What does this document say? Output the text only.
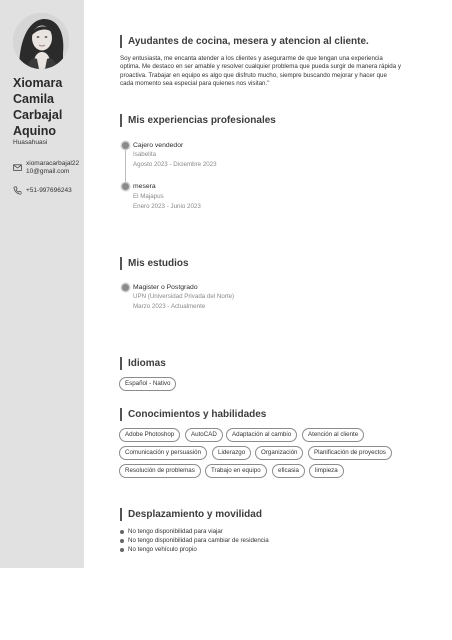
Xiomara
Camila
Carbajal
Aquino
Huasahuasi
xiomaracarbajal22
10@gmail.com
+51-997696243
Ayudantes de cocina, mesera y atencion al cliente.
Soy entusiasta, me encanta atender a los clientes y asegurarme de que tengan una experiencia optima. Me destaco en ser amable y resolver cualquier problema que pueda surgir de manera rápida y proactiva. Trabajar en equipo es algo que disfruto mucho, siempre buscando mejorar y hacer que cada momento sea especial para quienes nos visitan."
Mis experiencias profesionales
Cajero vendedor
Isabelita
Agosto 2023 - Diciembre 2023
mesera
El Majapus
Enero 2023 - Junio 2023
Mis estudios
Magister o Postgrado
UPN (Universidad Privada del Norte)
Marzo 2023 - Actualmente
Idiomas
Español - Nativo
Conocimientos y habilidades
Adobe Photoshop	AutoCAD	Adaptación al cambio	Atención al cliente
Comunicación y persuasión	Liderazgo	Organización	Planificación de proyectos
Resolución de problemas	Trabajo en equipo	eficasia	limpieza
Desplazamiento y movilidad
No tengo disponibilidad para viajar
No tengo disponibilidad para cambiar de residencia
No tengo vehículo propio
